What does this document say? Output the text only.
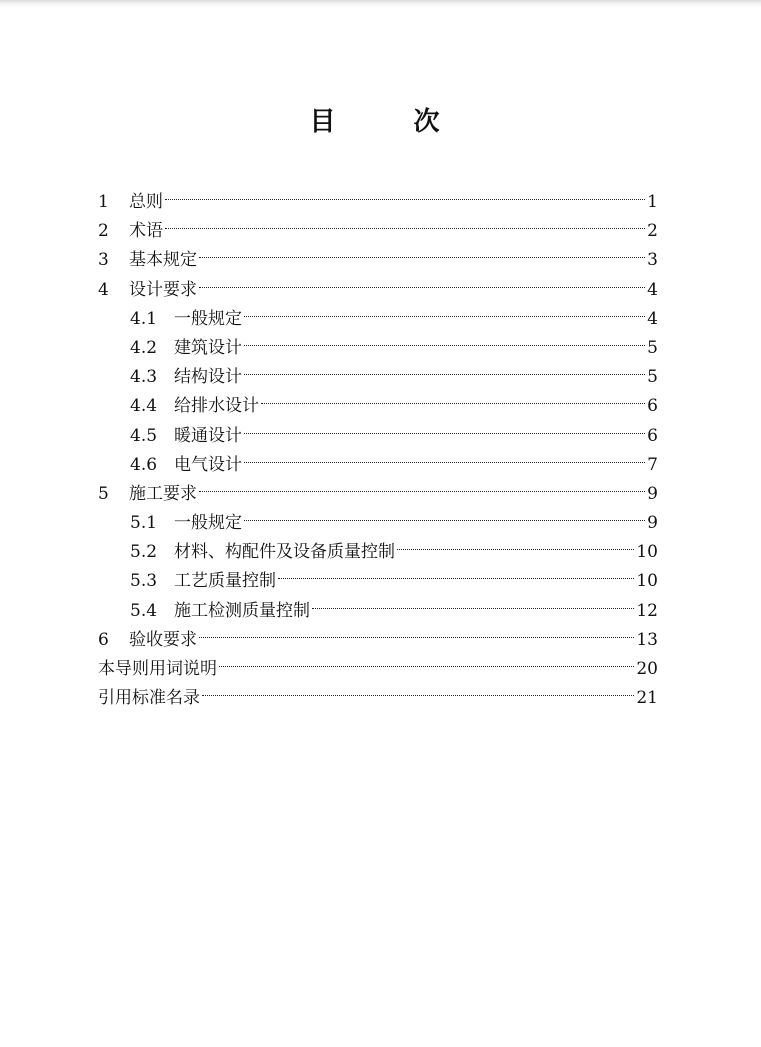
目　次
1	总则	1
2	术语	2
3	基本规定	3
4	设计要求	4
4.1 一般规定	4
4.2 建筑设计	5
4.3 结构设计	5
4.4 给排水设计	6
4.5 暖通设计	6
4.6 电气设计	7
5	施工要求	9
5.1 一般规定	9
5.2 材料、构配件及设备质量控制	10
5.3 工艺质量控制	10
5.4 施工检测质量控制	12
6	验收要求	13
本导则用词说明	20
引用标准名录	21
